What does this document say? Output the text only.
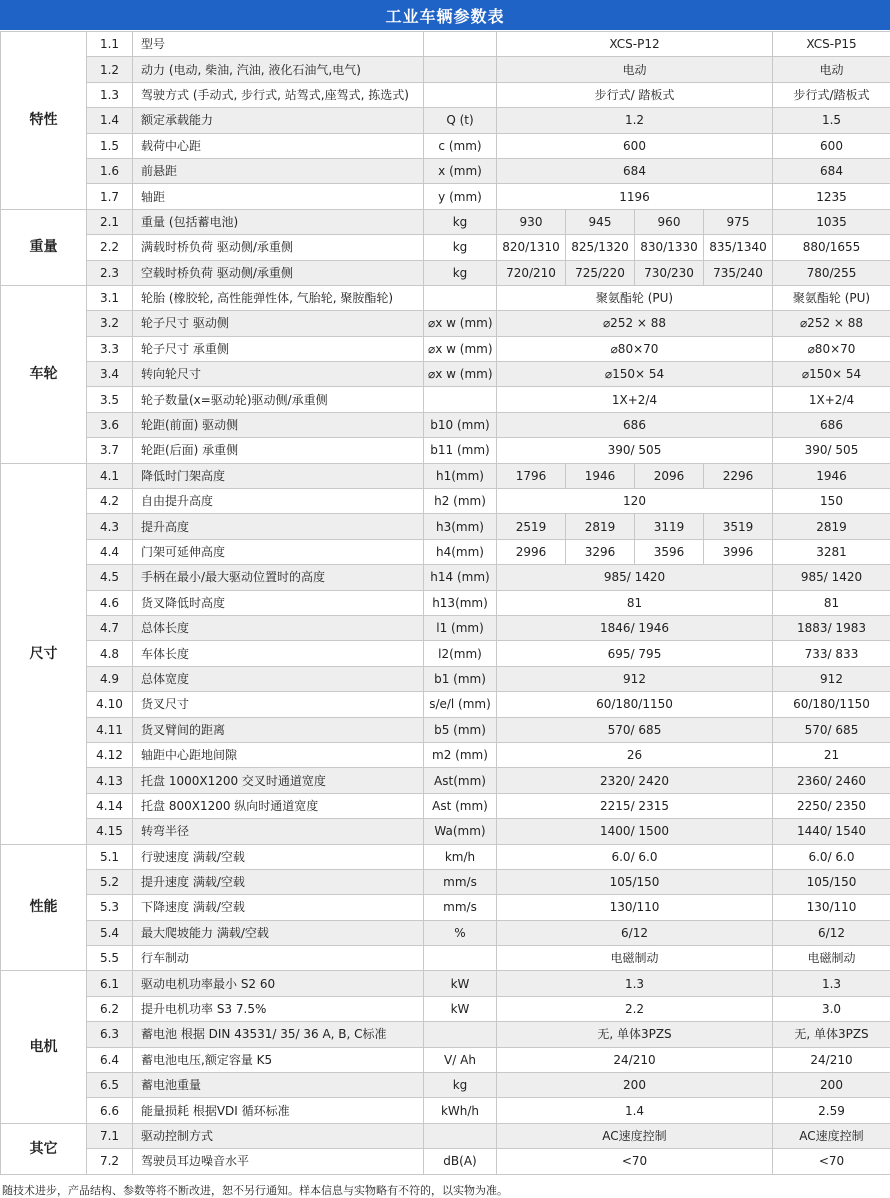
工业车辆参数表
特性	1.1	型号		XCS-P12				XCS-P15
	1.2	动力 (电动, 柴油, 汽油, 液化石油气,电气)		电动				电动
	1.3	驾驶方式 (手动式, 步行式, 站驾式,座驾式, 拣选式)		步行式/ 踏板式				步行式/踏板式
	1.4	额定承载能力	Q (t)	1.2				1.5
	1.5	载荷中心距	c (mm)	600				600
	1.6	前悬距	x (mm)	684				684
	1.7	轴距	y (mm)	1196				1235
重量	2.1	重量 (包括蓄电池)	kg	930	945	960	975	1035
	2.2	满载时桥负荷 驱动侧/承重侧	kg	820/1310	825/1320	830/1330	835/1340	880/1655
	2.3	空载时桥负荷 驱动侧/承重侧	kg	720/210	725/220	730/230	735/240	780/255
车轮	3.1	轮胎 (橡胶轮, 高性能弹性体, 气胎轮, 聚胺酯轮)		聚氨酯轮 (PU)				聚氨酯轮 (PU)
	3.2	轮子尺寸 驱动侧	⌀x w (mm)	⌀252 × 88				⌀252 × 88
	3.3	轮子尺寸 承重侧	⌀x w (mm)	⌀80×70				⌀80×70
	3.4	转向轮尺寸	⌀x w (mm)	⌀150× 54				⌀150× 54
	3.5	轮子数量(x=驱动轮)驱动侧/承重侧		1X+2/4				1X+2/4
	3.6	轮距(前面) 驱动侧	b10 (mm)	686				686
	3.7	轮距(后面) 承重侧	b11 (mm)	390/ 505				390/ 505
尺寸	4.1	降低时门架高度	h1(mm)	1796	1946	2096	2296	1946
	4.2	自由提升高度	h2 (mm)	120				150
	4.3	提升高度	h3(mm)	2519	2819	3119	3519	2819
	4.4	门架可延伸高度	h4(mm)	2996	3296	3596	3996	3281
	4.5	手柄在最小/最大驱动位置时的高度	h14 (mm)	985/ 1420				985/ 1420
	4.6	货叉降低时高度	h13(mm)	81				81
	4.7	总体长度	l1 (mm)	1846/ 1946				1883/ 1983
	4.8	车体长度	l2(mm)	695/ 795				733/ 833
	4.9	总体宽度	b1 (mm)	912				912
	4.10	货叉尺寸	s/e/l (mm)	60/180/1150				60/180/1150
	4.11	货叉臂间的距离	b5 (mm)	570/ 685				570/ 685
	4.12	轴距中心距地间隙	m2 (mm)	26				21
	4.13	托盘 1000X1200 交叉时通道宽度	Ast(mm)	2320/ 2420				2360/ 2460
	4.14	托盘 800X1200 纵向时通道宽度	Ast (mm)	2215/ 2315				2250/ 2350
	4.15	转弯半径	Wa(mm)	1400/ 1500				1440/ 1540
性能	5.1	行驶速度 满载/空载	km/h	6.0/ 6.0				6.0/ 6.0
	5.2	提升速度 满载/空载	mm/s	105/150				105/150
	5.3	下降速度 满载/空载	mm/s	130/110				130/110
	5.4	最大爬坡能力 满载/空载	%	6/12				6/12
	5.5	行车制动		电磁制动				电磁制动
电机	6.1	驱动电机功率最小 S2 60	kW	1.3				1.3
	6.2	提升电机功率 S3 7.5%	kW	2.2				3.0
	6.3	蓄电池 根据 DIN 43531/ 35/ 36 A, B, C标准		无, 单体3PZS				无, 单体3PZS
	6.4	蓄电池电压,额定容量 K5	V/ Ah	24/210				24/210
	6.5	蓄电池重量	kg	200				200
	6.6	能量损耗 根据VDI 循环标准	kWh/h	1.4				2.59
其它	7.1	驱动控制方式		AC速度控制				AC速度控制
	7.2	驾驶员耳边噪音水平	dB(A)	<70				<70
随技术进步，产品结构、参数等将不断改进，恕不另行通知。样本信息与实物略有不符的，以实物为准。
